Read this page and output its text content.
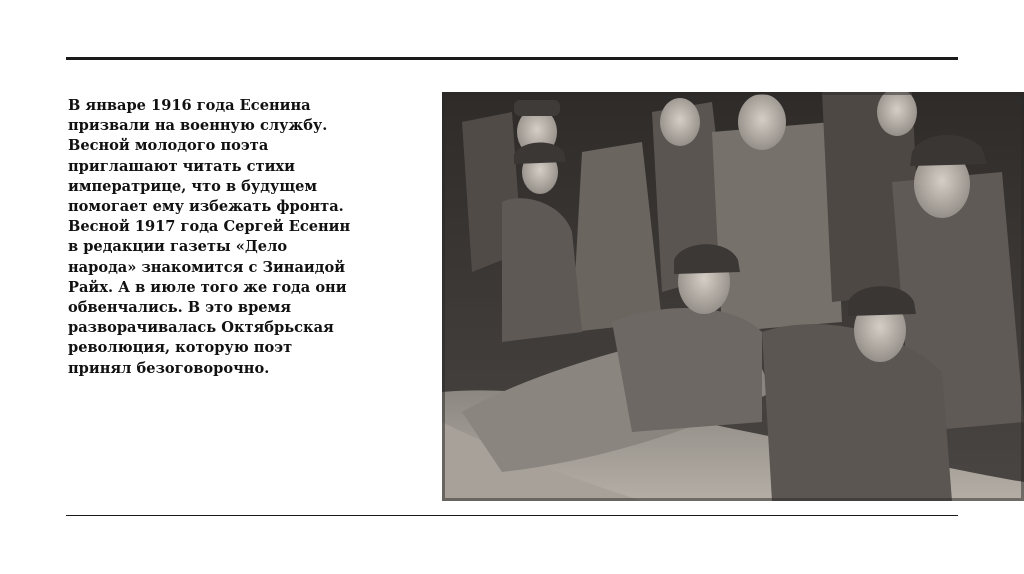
В январе 1916 года Есенина
призвали на военную службу.
Весной молодого поэта
приглашают читать стихи
императрице, что в будущем
помогает ему избежать фронта.
Весной 1917 года Сергей Есенин
в редакции газеты «Дело
народа» знакомится с Зинаидой
Райх. А в июле того же года они
обвенчались. В это время
разворачивалась Октябрьская
революция, которую поэт
принял безоговорочно.
